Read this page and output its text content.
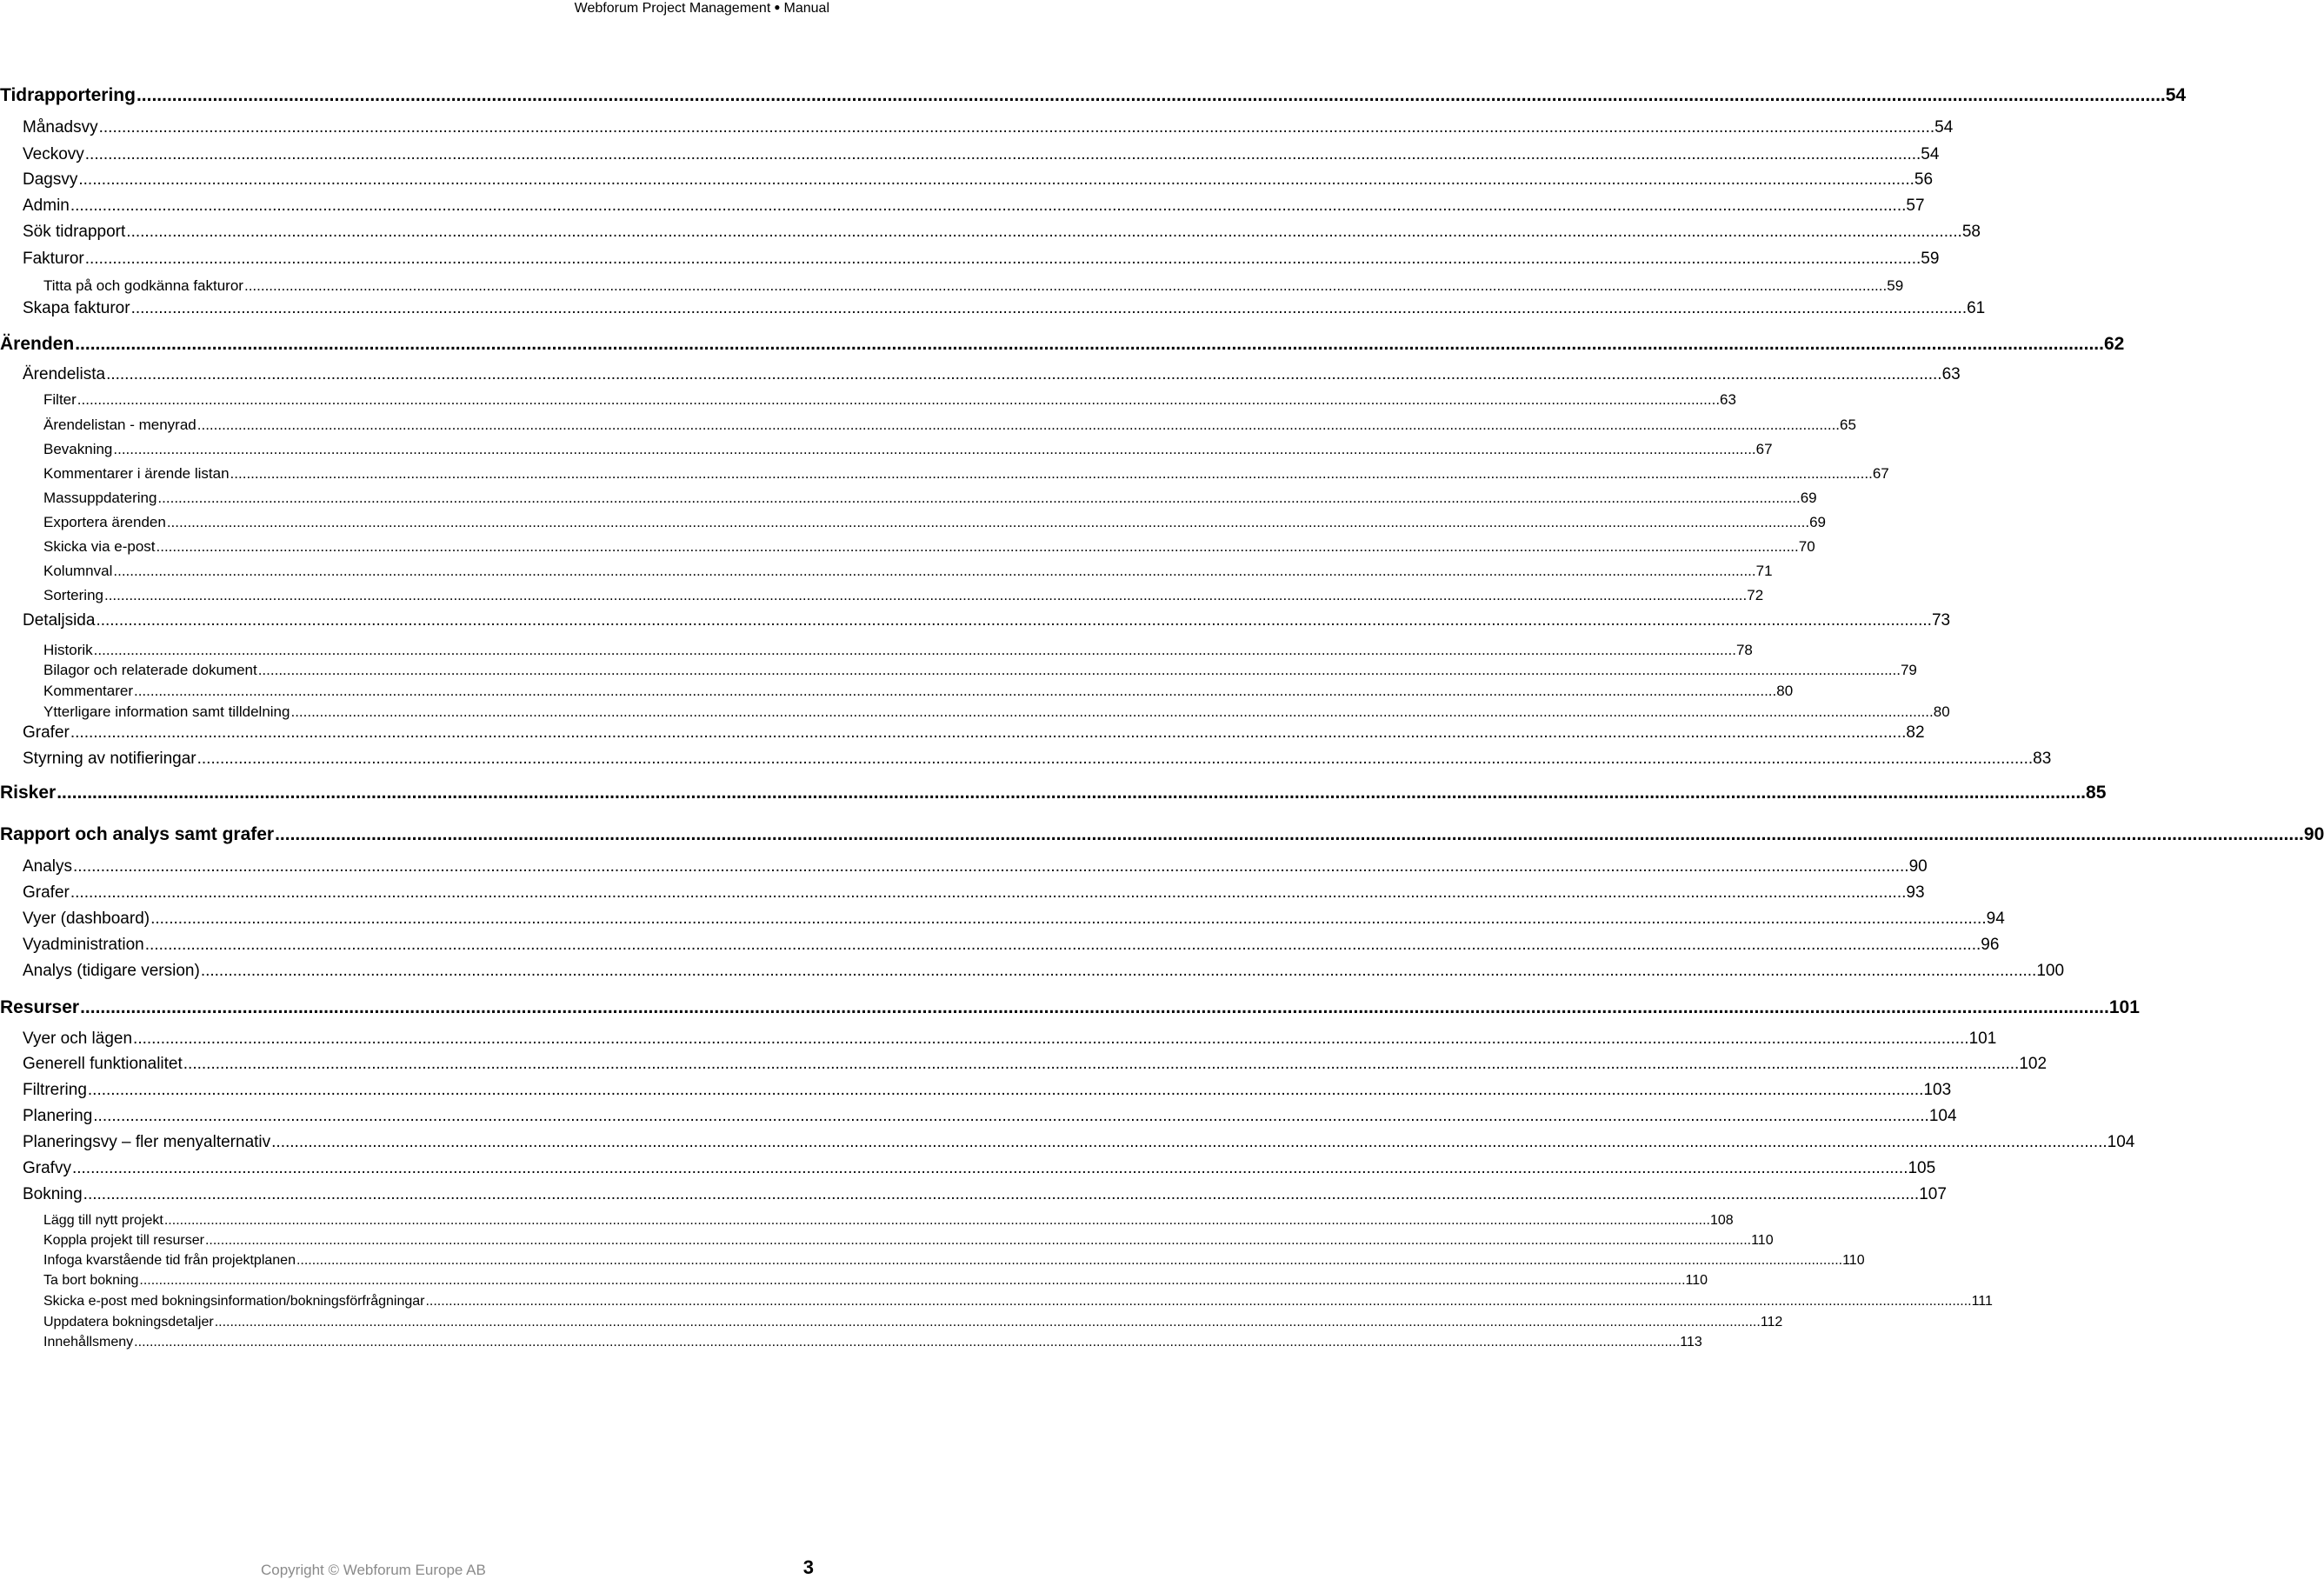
Webforum Project Management ● Manual
Tidrapportering ................................................................................................................................................................................................................................................................................................................................................................................................................ 54
Månadsvy ................................................................................................................................................................................................................................................................................................................................................................................................................ 54
Veckovy ................................................................................................................................................................................................................................................................................................................................................................................................................ 54
Dagsvy ................................................................................................................................................................................................................................................................................................................................................................................................................ 56
Admin ................................................................................................................................................................................................................................................................................................................................................................................................................ 57
Sök tidrapport ................................................................................................................................................................................................................................................................................................................................................................................................................ 58
Fakturor ................................................................................................................................................................................................................................................................................................................................................................................................................ 59
Titta på och godkänna fakturor ................................................................................................................................................................................................................................................................................................................................................................................................................ 59
Skapa fakturor ................................................................................................................................................................................................................................................................................................................................................................................................................ 61
Ärenden ................................................................................................................................................................................................................................................................................................................................................................................................................ 62
Ärendelista ................................................................................................................................................................................................................................................................................................................................................................................................................ 63
Filter ................................................................................................................................................................................................................................................................................................................................................................................................................ 63
Ärendelistan - menyrad ................................................................................................................................................................................................................................................................................................................................................................................................................ 65
Bevakning ................................................................................................................................................................................................................................................................................................................................................................................................................ 67
Kommentarer i ärende listan ................................................................................................................................................................................................................................................................................................................................................................................................................ 67
Massuppdatering ................................................................................................................................................................................................................................................................................................................................................................................................................ 69
Exportera ärenden ................................................................................................................................................................................................................................................................................................................................................................................................................ 69
Skicka via e-post ................................................................................................................................................................................................................................................................................................................................................................................................................ 70
Kolumnval ................................................................................................................................................................................................................................................................................................................................................................................................................ 71
Sortering ................................................................................................................................................................................................................................................................................................................................................................................................................ 72
Detaljsida ................................................................................................................................................................................................................................................................................................................................................................................................................ 73
Historik ................................................................................................................................................................................................................................................................................................................................................................................................................ 78
Bilagor och relaterade dokument ................................................................................................................................................................................................................................................................................................................................................................................................................ 79
Kommentarer ................................................................................................................................................................................................................................................................................................................................................................................................................ 80
Ytterligare information samt tilldelning ................................................................................................................................................................................................................................................................................................................................................................................................................ 80
Grafer ................................................................................................................................................................................................................................................................................................................................................................................................................ 82
Styrning av notifieringar ................................................................................................................................................................................................................................................................................................................................................................................................................ 83
Risker ................................................................................................................................................................................................................................................................................................................................................................................................................ 85
Rapport och analys samt grafer ................................................................................................................................................................................................................................................................................................................................................................................................................ 90
Analys ................................................................................................................................................................................................................................................................................................................................................................................................................ 90
Grafer ................................................................................................................................................................................................................................................................................................................................................................................................................ 93
Vyer (dashboard) ................................................................................................................................................................................................................................................................................................................................................................................................................ 94
Vyadministration ................................................................................................................................................................................................................................................................................................................................................................................................................ 96
Analys (tidigare version) ................................................................................................................................................................................................................................................................................................................................................................................................................ 100
Resurser ................................................................................................................................................................................................................................................................................................................................................................................................................ 101
Vyer och lägen ................................................................................................................................................................................................................................................................................................................................................................................................................ 101
Generell funktionalitet ................................................................................................................................................................................................................................................................................................................................................................................................................ 102
Filtrering ................................................................................................................................................................................................................................................................................................................................................................................................................ 103
Planering ................................................................................................................................................................................................................................................................................................................................................................................................................ 104
Planeringsvy – fler menyalternativ ................................................................................................................................................................................................................................................................................................................................................................................................................ 104
Grafvy ................................................................................................................................................................................................................................................................................................................................................................................................................ 105
Bokning ................................................................................................................................................................................................................................................................................................................................................................................................................ 107
Lägg till nytt projekt ................................................................................................................................................................................................................................................................................................................................................................................................................ 108
Koppla projekt till resurser ................................................................................................................................................................................................................................................................................................................................................................................................................ 110
Infoga kvarstående tid från projektplanen ................................................................................................................................................................................................................................................................................................................................................................................................................ 110
Ta bort bokning ................................................................................................................................................................................................................................................................................................................................................................................................................ 110
Skicka e-post med bokningsinformation/bokningsförfrågningar ................................................................................................................................................................................................................................................................................................................................................................................................................ 111
Uppdatera bokningsdetaljer ................................................................................................................................................................................................................................................................................................................................................................................................................ 112
Innehållsmeny ................................................................................................................................................................................................................................................................................................................................................................................................................ 113
Copyright © Webforum Europe AB	3
